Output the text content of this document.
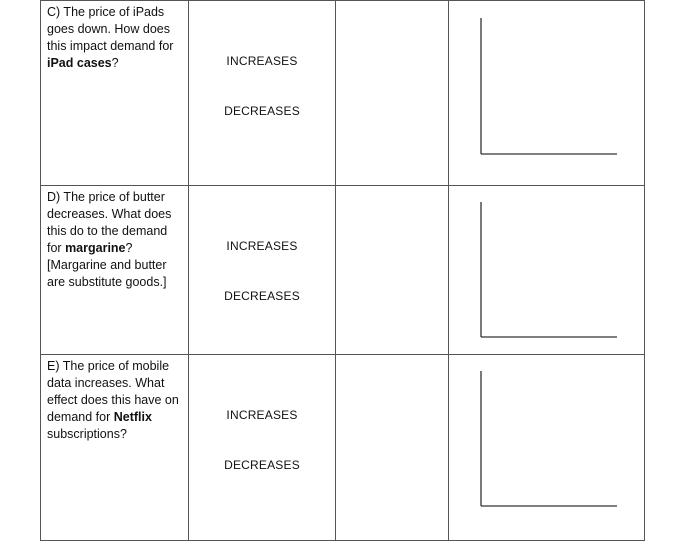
C) The price of iPads goes down. How does this impact demand for iPad cases?	INCREASES
DECREASES

D) The price of butter decreases. What does this do to the demand for margarine? [Margarine and butter are substitute goods.]	INCREASES
DECREASES

E) The price of mobile data increases. What effect does this have on demand for Netflix subscriptions?	INCREASES
DECREASES
